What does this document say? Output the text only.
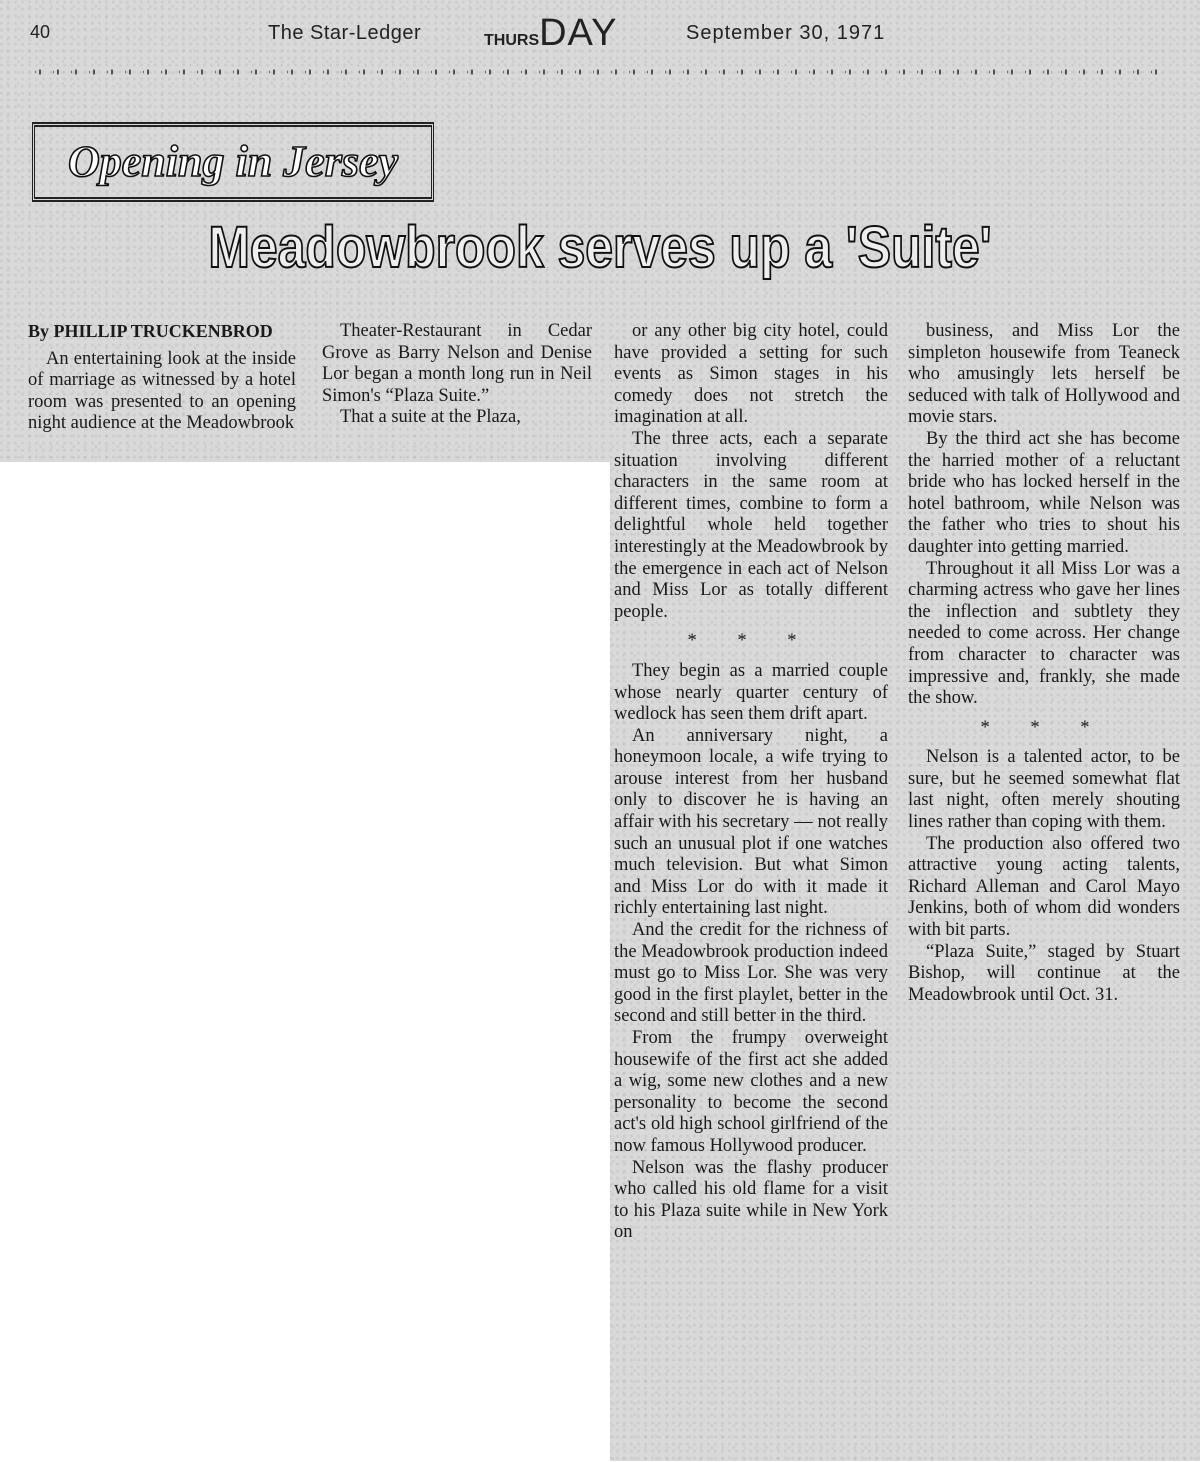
40	The Star-Ledger	THURSDAY	September 30, 1971
Opening in Jersey
Meadowbrook serves up a 'Suite'

By PHILLIP TRUCKENBROD

An entertaining look at the inside of marriage as witnessed by a hotel room was presented to an opening night audience at the Meadowbrook

Theater-Restaurant in Cedar Grove as Barry Nelson and Denise Lor began a month long run in Neil Simon's “Plaza Suite.”

That a suite at the Plaza,

or any other big city hotel, could have provided a setting for such events as Simon stages in his comedy does not stretch the imagination at all.

The three acts, each a separate situation involving different characters in the same room at different times, combine to form a delightful whole held together interestingly at the Meadowbrook by the emergence in each act of Nelson and Miss Lor as totally different people.

* * *

They begin as a married couple whose nearly quarter century of wedlock has seen them drift apart.

An anniversary night, a honeymoon locale, a wife trying to arouse interest from her husband only to discover he is having an affair with his secretary — not really such an unusual plot if one watches much television. But what Simon and Miss Lor do with it made it richly entertaining last night.

And the credit for the richness of the Meadowbrook production indeed must go to Miss Lor. She was very good in the first playlet, better in the second and still better in the third.

From the frumpy overweight housewife of the first act she added a wig, some new clothes and a new personality to become the second act's old high school girlfriend of the now famous Hollywood producer.

Nelson was the flashy producer who called his old flame for a visit to his Plaza suite while in New York on

business, and Miss Lor the simpleton housewife from Teaneck who amusingly lets herself be seduced with talk of Hollywood and movie stars.

By the third act she has become the harried mother of a reluctant bride who has locked herself in the hotel bathroom, while Nelson was the father who tries to shout his daughter into getting married.

Throughout it all Miss Lor was a charming actress who gave her lines the inflection and subtlety they needed to come across. Her change from character to character was impressive and, frankly, she made the show.

* * *

Nelson is a talented actor, to be sure, but he seemed somewhat flat last night, often merely shouting lines rather than coping with them.

The production also offered two attractive young acting talents, Richard Alleman and Carol Mayo Jenkins, both of whom did wonders with bit parts.

“Plaza Suite,” staged by Stuart Bishop, will continue at the Meadowbrook until Oct. 31.
